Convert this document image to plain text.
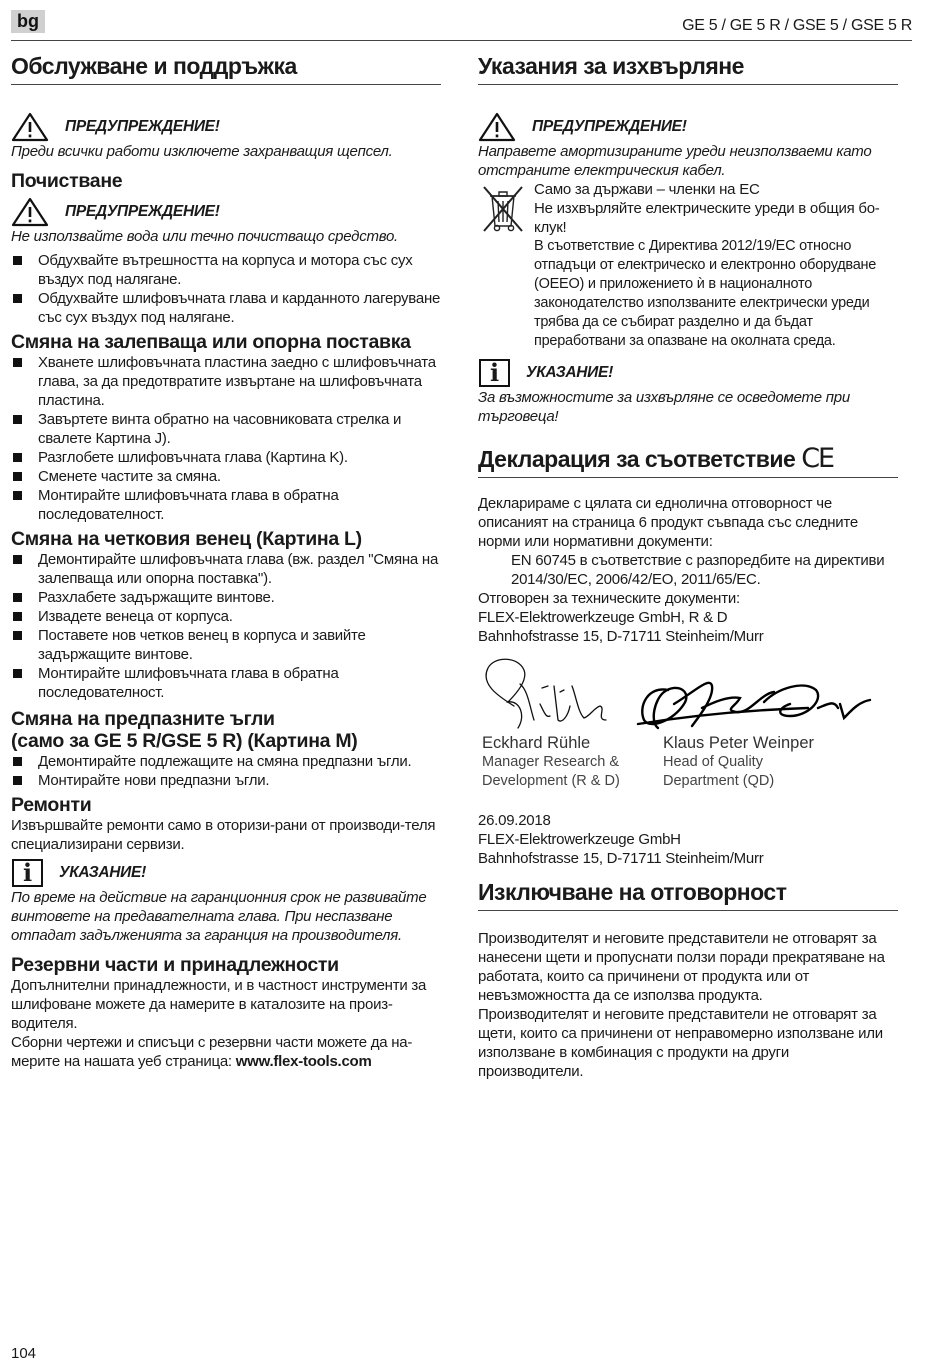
bg	GE 5 / GE 5 R / GSE 5 / GSE 5 R
Обслужване и поддръжка
ПРЕДУПРЕЖДЕНИЕ!

Преди всички работи изключете захранващия щепсел.

Почистване
ПРЕДУПРЕЖДЕНИЕ!

Не използвайте вода или течно почистващо средство.

Обдухвайте вътрешността на корпуса и мотора със сух въздух под налягане.
Обдухвайте шлифовъчната глава и карданното лагеруване със сух въздух под налягане.
Смяна на залепваща или опорна поставка
Хванете шлифовъчната пластина заедно с шлифовъчната глава, за да предотвратите извъртане на шлифовъчната пластина.
Завъртете винта обратно на часовниковата стрелка и свалете Картина J).
Разглобете шлифовъчната глава (Картина K).
Сменете частите за смяна.
Монтирайте шлифовъчната глава в обратна последователност.
Смяна на четковия венец (Картина L)
Демонтирайте шлифовъчната глава (вж. раздел "Смяна на залепваща или опорна поставка").
Разхлабете задържащите винтове.
Извадете венеца от корпуса.
Поставете нов четков венец в корпуса и завийте задържащите винтове.
Монтирайте шлифовъчната глава в обратна последователност.
Смяна на предпазните ъгли
(само за GE 5 R/GSE 5 R) (Картина M)
Демонтирайте подлежащите на смяна предпазни ъгли.
Монтирайте нови предпазни ъгли.
Ремонти

Извършвайте ремонти само в оторизи-рани от производи-теля специализирани сервизи.

i
УКАЗАНИЕ!

По време на действие на гаранционния срок не развивайте винтовете на предавателната глава. При неспазване отпадат задълженията за гаранция на производителя.

Резервни части и принадлежности

Допълнителни принадлежности, и в частност инструменти за шлифоване можете да намерите в каталозите на произ-водителя.

Сборни чертежи и списъци с резервни части можете да на-мерите на нашата уеб страница: www.flex-tools.com

Указания за изхвърляне
ПРЕДУПРЕЖДЕНИЕ!

Направете амортизираните уреди неизползваеми като отстраните електрическия кабел.

Само за държави – членки на ЕС

Не изхвърляйте електрическите уреди в общия бо-клук!

В съответствие с Директива 2012/19/ЕС относно отпадъци от електрическо и електронно оборудване (ОЕЕО) и приложението ѝ в националното законодателство използваните електрически уреди трябва да се събират разделно и да бъдат преработвани за опазване на околната среда.

i
УКАЗАНИЕ!

За възможностите за изхвърляне се осведомете при търговеца!

Декларация за съответствие CE

Декларираме с цялата си еднолична отговорност че описаният на страница 6 продукт съвпада със следните норми или нормативни документи:

EN 60745 в съответствие с разпоредбите на директиви 2014/30/EC, 2006/42/EO, 2011/65/EC.

Отговорен за техническите документи:

FLEX-Elektrowerkzeuge GmbH, R & D

Bahnhofstrasse 15, D-71711 Steinheim/Murr

Eckhard Rühle
Manager Research &
Development (R & D)
Klaus Peter Weinper
Head of Quality
Department (QD)

26.09.2018

FLEX-Elektrowerkzeuge GmbH

Bahnhofstrasse 15, D-71711 Steinheim/Murr

Изключване на отговорност

Производителят и неговите представители не отговарят за нанесени щети и пропуснати ползи поради прекратяване на работата, които са причинени от продукта или от невъзможността да се използва продукта.

Производителят и неговите представители не отговарят за щети, които са причинени от неправомерно използване или използване в комбинация с продукти на други производители.

104
